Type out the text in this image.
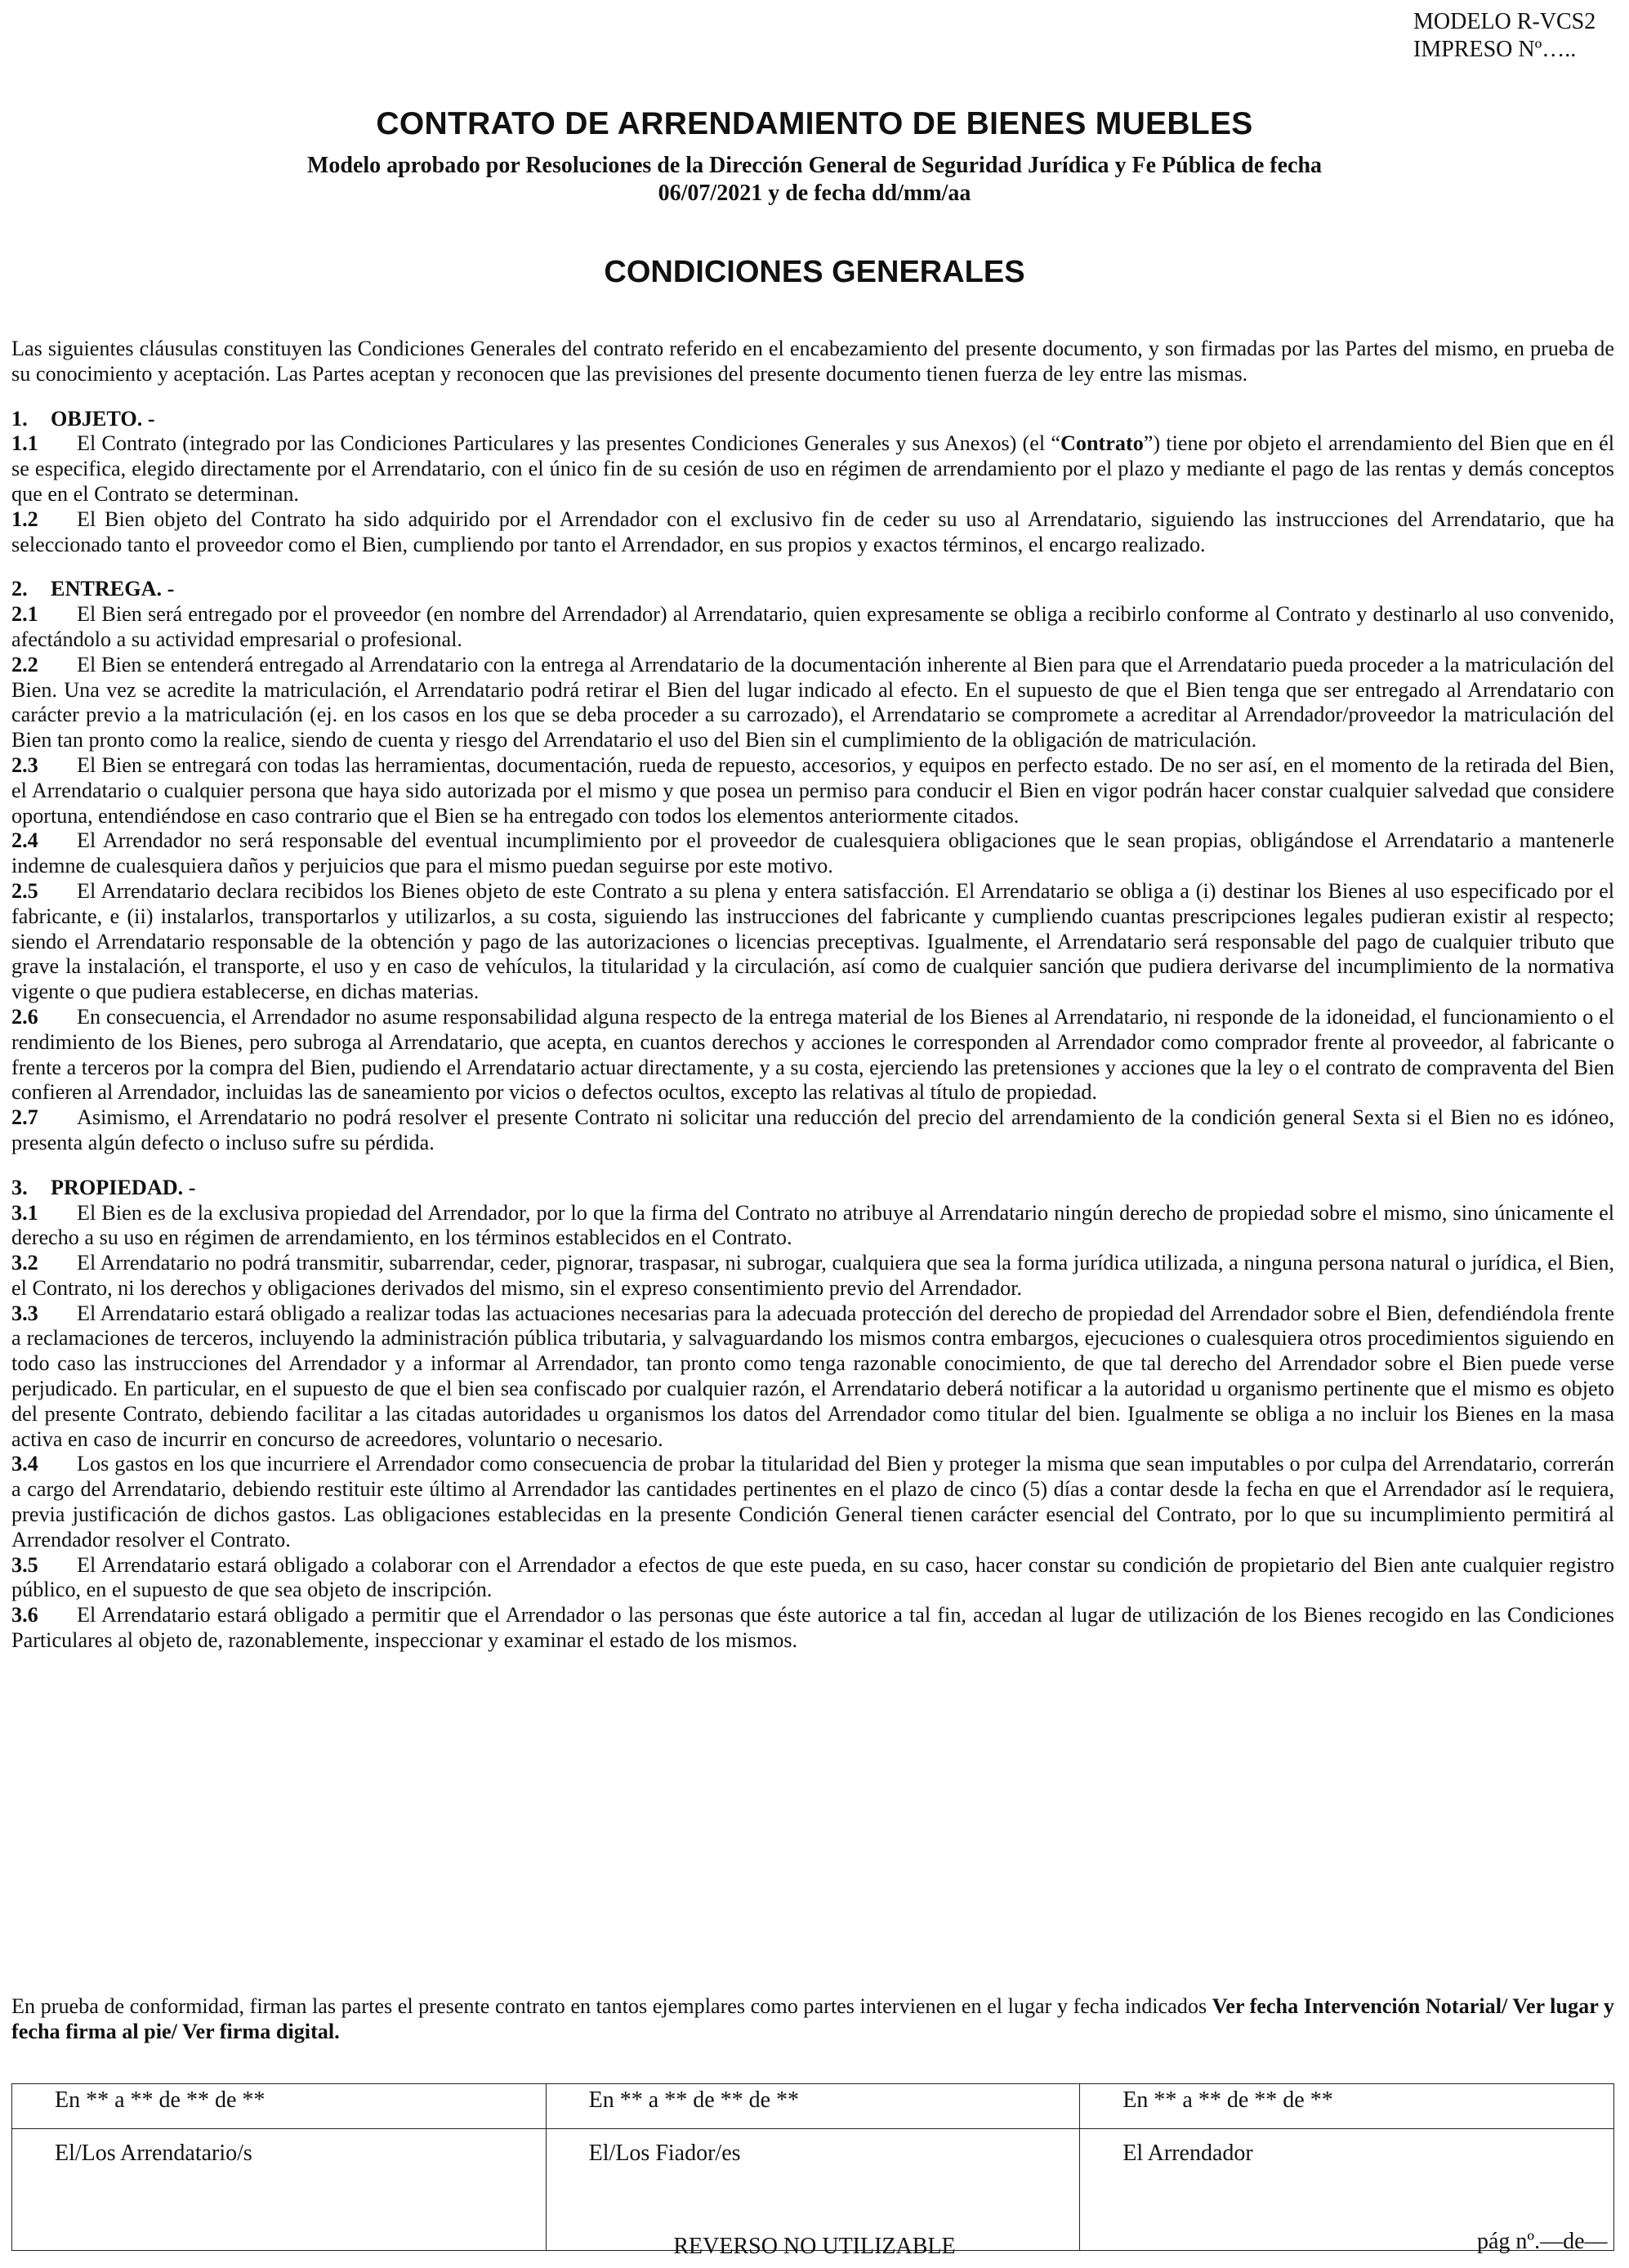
MODELO R-VCS2
IMPRESO Nº…..
CONTRATO DE ARRENDAMIENTO DE BIENES MUEBLES
Modelo aprobado por Resoluciones de la Dirección General de Seguridad Jurídica y Fe Pública de fecha
06/07/2021 y de fecha dd/mm/aa
CONDICIONES GENERALES

Las siguientes cláusulas constituyen las Condiciones Generales del contrato referido en el encabezamiento del presente documento, y son firmadas por las Partes del mismo, en prueba de su conocimiento y aceptación. Las Partes aceptan y reconocen que las previsiones del presente documento tienen fuerza de ley entre las mismas.

1. OBJETO. -

1.1 El Contrato (integrado por las Condiciones Particulares y las presentes Condiciones Generales y sus Anexos) (el “Contrato”) tiene por objeto el arrendamiento del Bien que en él se especifica, elegido directamente por el Arrendatario, con el único fin de su cesión de uso en régimen de arrendamiento por el plazo y mediante el pago de las rentas y demás conceptos que en el Contrato se determinan.

1.2 El Bien objeto del Contrato ha sido adquirido por el Arrendador con el exclusivo fin de ceder su uso al Arrendatario, siguiendo las instrucciones del Arrendatario, que ha seleccionado tanto el proveedor como el Bien, cumpliendo por tanto el Arrendador, en sus propios y exactos términos, el encargo realizado.

2. ENTREGA. -

2.1 El Bien será entregado por el proveedor (en nombre del Arrendador) al Arrendatario, quien expresamente se obliga a recibirlo conforme al Contrato y destinarlo al uso convenido, afectándolo a su actividad empresarial o profesional.

2.2 El Bien se entenderá entregado al Arrendatario con la entrega al Arrendatario de la documentación inherente al Bien para que el Arrendatario pueda proceder a la matriculación del Bien. Una vez se acredite la matriculación, el Arrendatario podrá retirar el Bien del lugar indicado al efecto. En el supuesto de que el Bien tenga que ser entregado al Arrendatario con carácter previo a la matriculación (ej. en los casos en los que se deba proceder a su carrozado), el Arrendatario se compromete a acreditar al Arrendador/proveedor la matriculación del Bien tan pronto como la realice, siendo de cuenta y riesgo del Arrendatario el uso del Bien sin el cumplimiento de la obligación de matriculación.

2.3 El Bien se entregará con todas las herramientas, documentación, rueda de repuesto, accesorios, y equipos en perfecto estado. De no ser así, en el momento de la retirada del Bien, el Arrendatario o cualquier persona que haya sido autorizada por el mismo y que posea un permiso para conducir el Bien en vigor podrán hacer constar cualquier salvedad que considere oportuna, entendiéndose en caso contrario que el Bien se ha entregado con todos los elementos anteriormente citados.

2.4 El Arrendador no será responsable del eventual incumplimiento por el proveedor de cualesquiera obligaciones que le sean propias, obligándose el Arrendatario a mantenerle indemne de cualesquiera daños y perjuicios que para el mismo puedan seguirse por este motivo.

2.5 El Arrendatario declara recibidos los Bienes objeto de este Contrato a su plena y entera satisfacción. El Arrendatario se obliga a (i) destinar los Bienes al uso especificado por el fabricante, e (ii) instalarlos, transportarlos y utilizarlos, a su costa, siguiendo las instrucciones del fabricante y cumpliendo cuantas prescripciones legales pudieran existir al respecto; siendo el Arrendatario responsable de la obtención y pago de las autorizaciones o licencias preceptivas. Igualmente, el Arrendatario será responsable del pago de cualquier tributo que grave la instalación, el transporte, el uso y en caso de vehículos, la titularidad y la circulación, así como de cualquier sanción que pudiera derivarse del incumplimiento de la normativa vigente o que pudiera establecerse, en dichas materias.

2.6 En consecuencia, el Arrendador no asume responsabilidad alguna respecto de la entrega material de los Bienes al Arrendatario, ni responde de la idoneidad, el funcionamiento o el rendimiento de los Bienes, pero subroga al Arrendatario, que acepta, en cuantos derechos y acciones le corresponden al Arrendador como comprador frente al proveedor, al fabricante o frente a terceros por la compra del Bien, pudiendo el Arrendatario actuar directamente, y a su costa, ejerciendo las pretensiones y acciones que la ley o el contrato de compraventa del Bien confieren al Arrendador, incluidas las de saneamiento por vicios o defectos ocultos, excepto las relativas al título de propiedad.

2.7 Asimismo, el Arrendatario no podrá resolver el presente Contrato ni solicitar una reducción del precio del arrendamiento de la condición general Sexta si el Bien no es idóneo, presenta algún defecto o incluso sufre su pérdida.

3. PROPIEDAD. -

3.1 El Bien es de la exclusiva propiedad del Arrendador, por lo que la firma del Contrato no atribuye al Arrendatario ningún derecho de propiedad sobre el mismo, sino únicamente el derecho a su uso en régimen de arrendamiento, en los términos establecidos en el Contrato.

3.2 El Arrendatario no podrá transmitir, subarrendar, ceder, pignorar, traspasar, ni subrogar, cualquiera que sea la forma jurídica utilizada, a ninguna persona natural o jurídica, el Bien, el Contrato, ni los derechos y obligaciones derivados del mismo, sin el expreso consentimiento previo del Arrendador.

3.3 El Arrendatario estará obligado a realizar todas las actuaciones necesarias para la adecuada protección del derecho de propiedad del Arrendador sobre el Bien, defendiéndola frente a reclamaciones de terceros, incluyendo la administración pública tributaria, y salvaguardando los mismos contra embargos, ejecuciones o cualesquiera otros procedimientos siguiendo en todo caso las instrucciones del Arrendador y a informar al Arrendador, tan pronto como tenga razonable conocimiento, de que tal derecho del Arrendador sobre el Bien puede verse perjudicado. En particular, en el supuesto de que el bien sea confiscado por cualquier razón, el Arrendatario deberá notificar a la autoridad u organismo pertinente que el mismo es objeto del presente Contrato, debiendo facilitar a las citadas autoridades u organismos los datos del Arrendador como titular del bien. Igualmente se obliga a no incluir los Bienes en la masa activa en caso de incurrir en concurso de acreedores, voluntario o necesario.

3.4 Los gastos en los que incurriere el Arrendador como consecuencia de probar la titularidad del Bien y proteger la misma que sean imputables o por culpa del Arrendatario, correrán a cargo del Arrendatario, debiendo restituir este último al Arrendador las cantidades pertinentes en el plazo de cinco (5) días a contar desde la fecha en que el Arrendador así le requiera, previa justificación de dichos gastos. Las obligaciones establecidas en la presente Condición General tienen carácter esencial del Contrato, por lo que su incumplimiento permitirá al Arrendador resolver el Contrato.

3.5 El Arrendatario estará obligado a colaborar con el Arrendador a efectos de que este pueda, en su caso, hacer constar su condición de propietario del Bien ante cualquier registro público, en el supuesto de que sea objeto de inscripción.

3.6 El Arrendatario estará obligado a permitir que el Arrendador o las personas que éste autorice a tal fin, accedan al lugar de utilización de los Bienes recogido en las Condiciones Particulares al objeto de, razonablemente, inspeccionar y examinar el estado de los mismos.

En prueba de conformidad, firman las partes el presente contrato en tantos ejemplares como partes intervienen en el lugar y fecha indicados Ver fecha Intervención Notarial/ Ver lugar y fecha firma al pie/ Ver firma digital.
En ** a ** de ** de **	En ** a ** de ** de **	En ** a ** de ** de **
El/Los Arrendatario/s	El/Los Fiador/es	El Arrendador
REVERSO NO UTILIZABLE	pág nº.—de—
